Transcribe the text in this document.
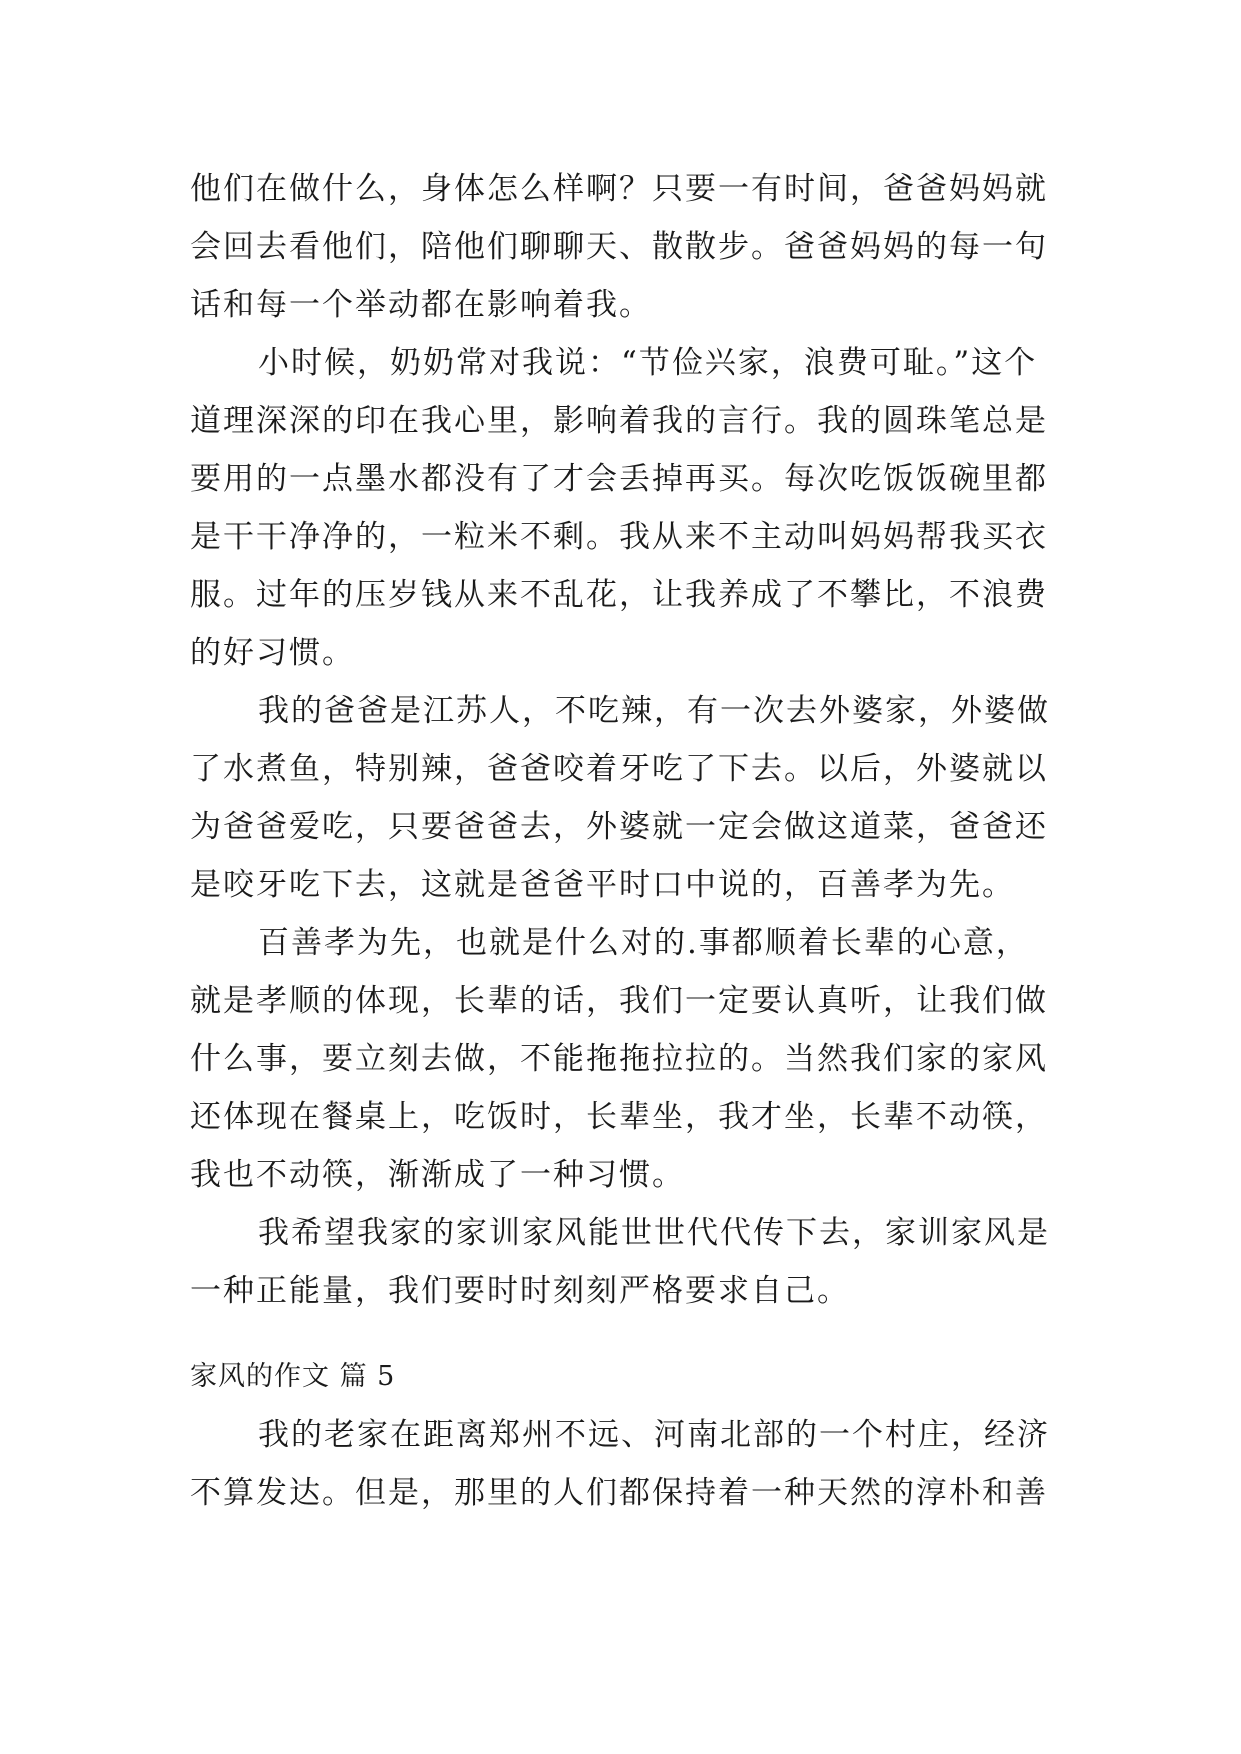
他们在做什么，身体怎么样啊？只要一有时间，爸爸妈妈就
会回去看他们，陪他们聊聊天、散散步。爸爸妈妈的每一句
话和每一个举动都在影响着我。
小时候，奶奶常对我说：“节俭兴家，浪费可耻。”这个
道理深深的印在我心里，影响着我的言行。我的圆珠笔总是
要用的一点墨水都没有了才会丢掉再买。每次吃饭饭碗里都
是干干净净的，一粒米不剩。我从来不主动叫妈妈帮我买衣
服。过年的压岁钱从来不乱花，让我养成了不攀比，不浪费
的好习惯。
我的爸爸是江苏人，不吃辣，有一次去外婆家，外婆做
了水煮鱼，特别辣，爸爸咬着牙吃了下去。以后，外婆就以
为爸爸爱吃，只要爸爸去，外婆就一定会做这道菜，爸爸还
是咬牙吃下去，这就是爸爸平时口中说的，百善孝为先。
百善孝为先，也就是什么对的.事都顺着长辈的心意，
就是孝顺的体现，长辈的话，我们一定要认真听，让我们做
什么事，要立刻去做，不能拖拖拉拉的。当然我们家的家风
还体现在餐桌上，吃饭时，长辈坐，我才坐，长辈不动筷，
我也不动筷，渐渐成了一种习惯。
我希望我家的家训家风能世世代代传下去，家训家风是
一种正能量，我们要时时刻刻严格要求自己。
家风的作文 篇 5
我的老家在距离郑州不远、河南北部的一个村庄，经济
不算发达。但是，那里的人们都保持着一种天然的淳朴和善
